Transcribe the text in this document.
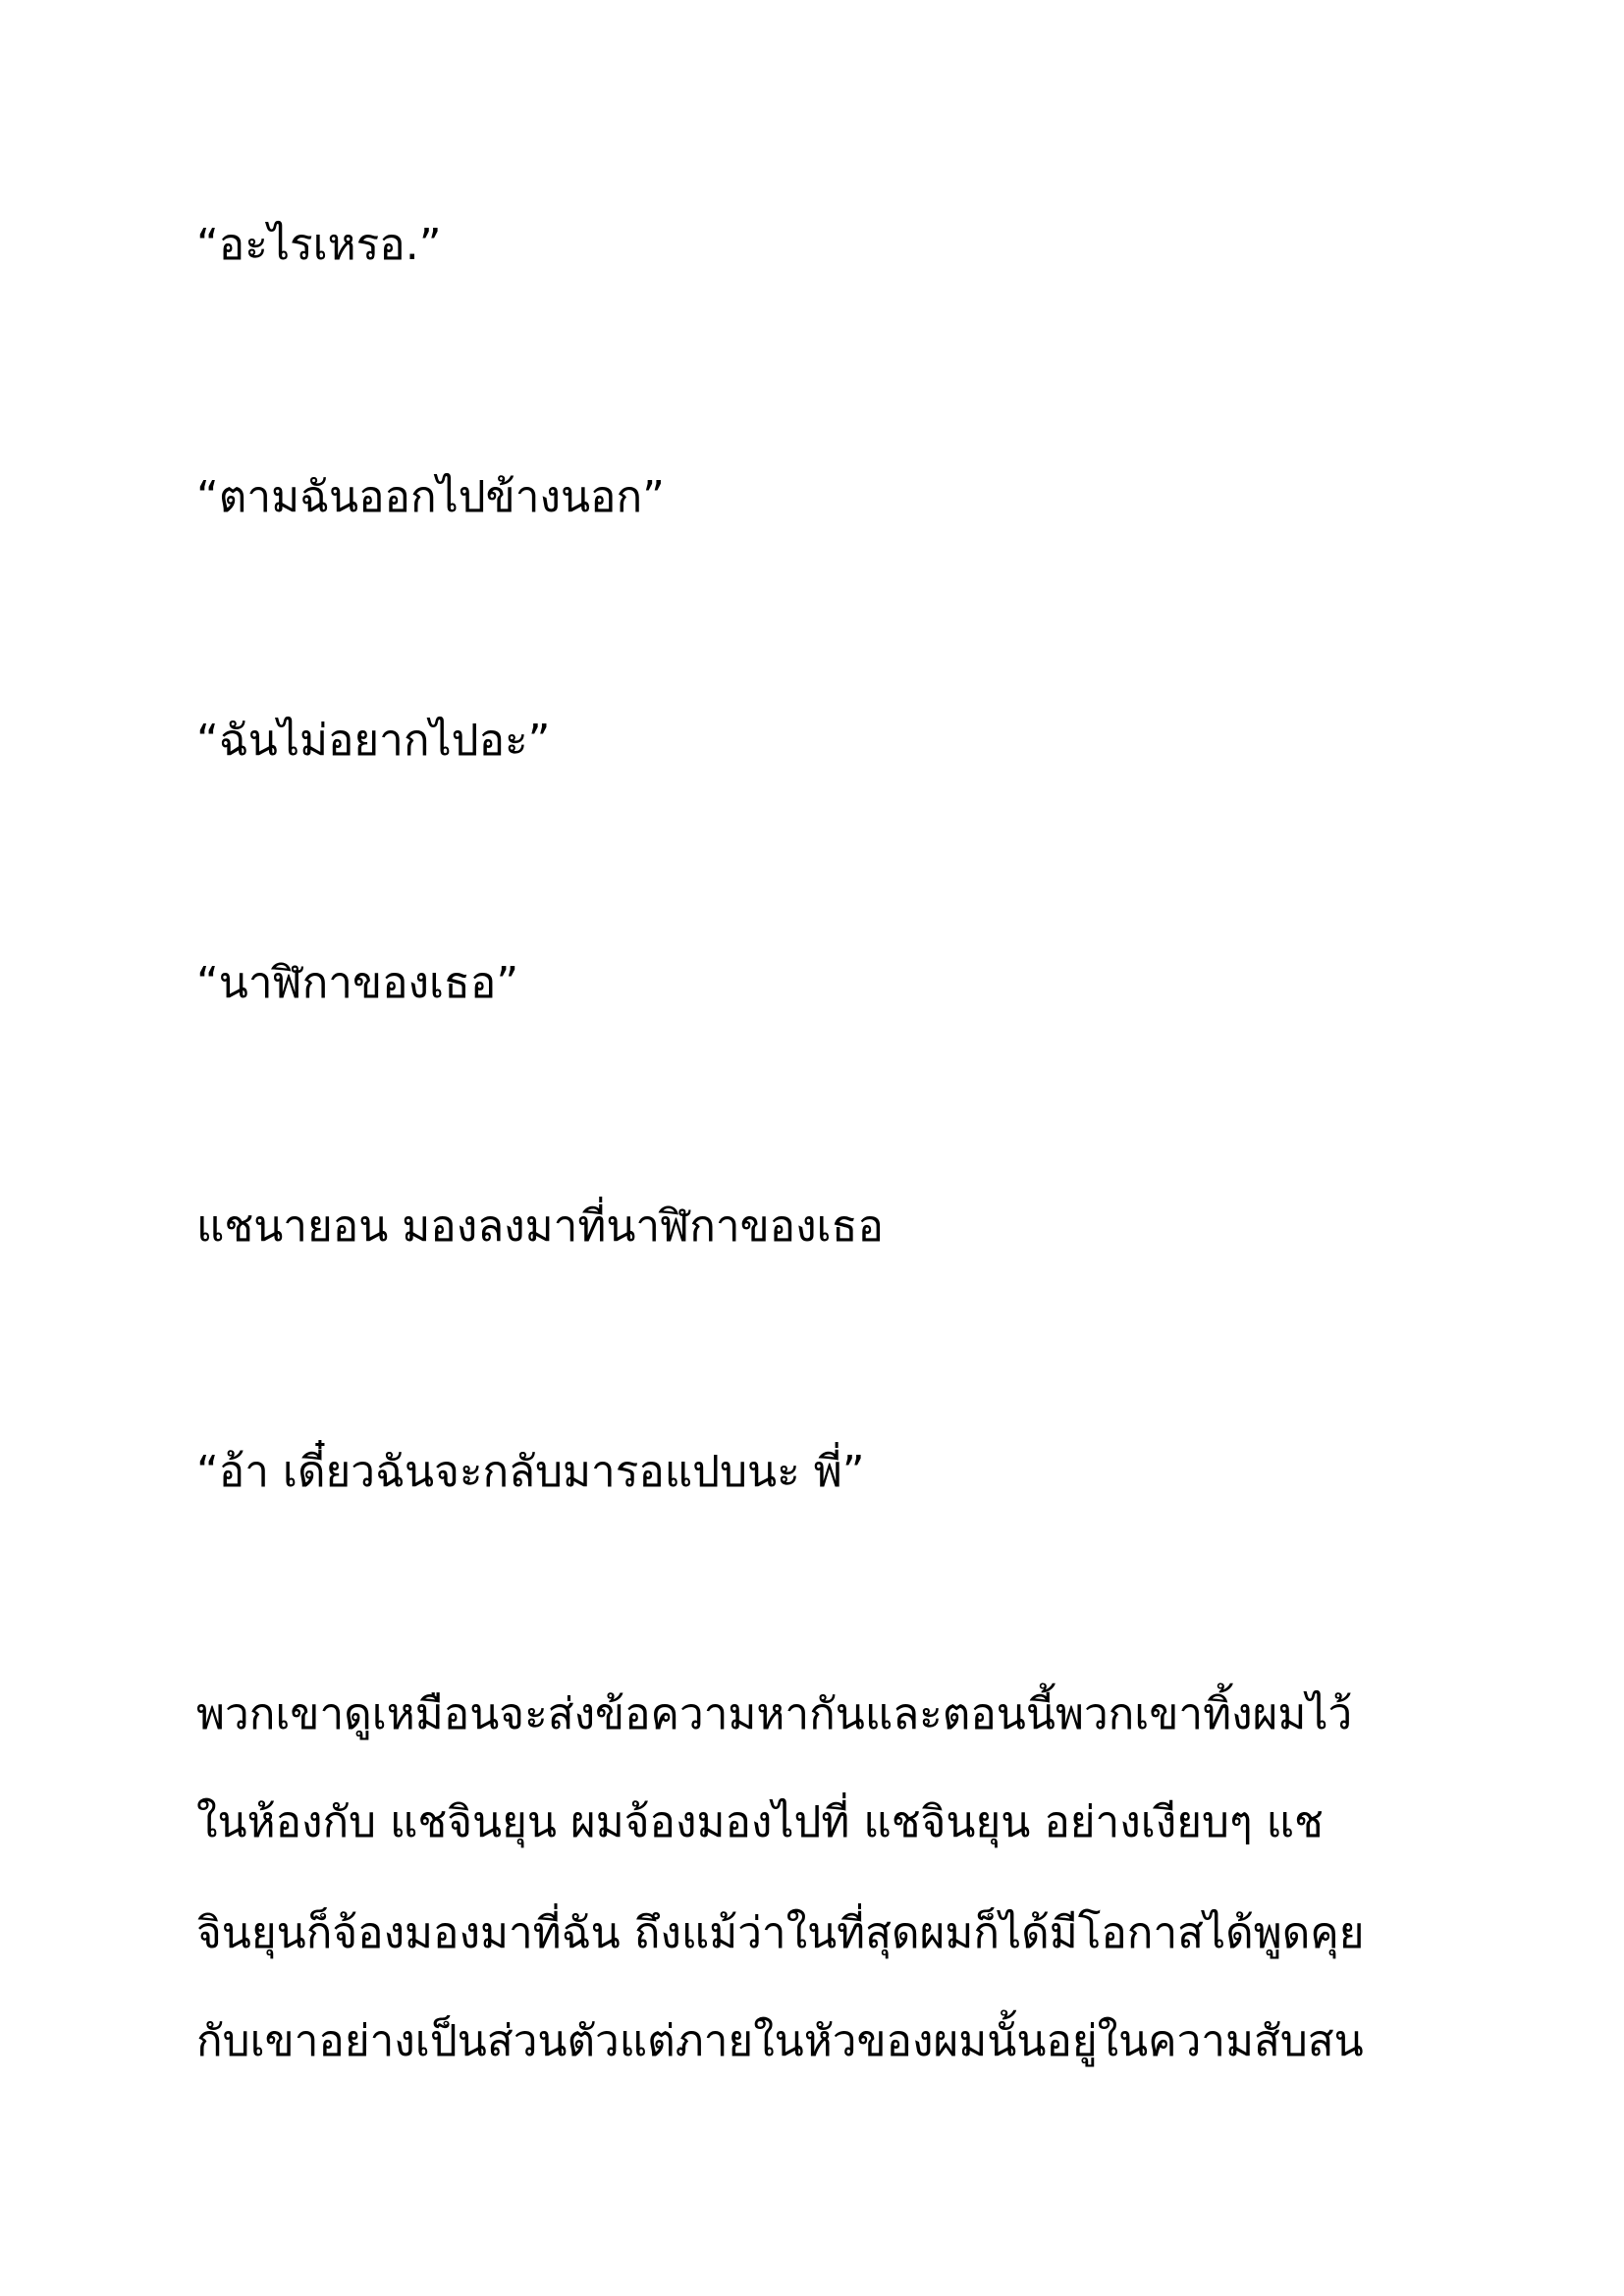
“อะไรเหรอ.”

“ตามฉันออกไปข้างนอก”

“ฉันไม่อยากไปอะ”

“นาฬิกาของเธอ”

แชนายอน มองลงมาที่นาฬิกาของเธอ

“อ้า เดี๋ยวฉันจะกลับมารอแปบนะ พี่”

พวกเขาดูเหมือนจะส่งข้อความหากันและตอนนี้พวกเขาทิ้งผมไว้

ในห้องกับ แชจินยุน ผมจ้องมองไปที่ แชจินยุน อย่างเงียบๆ แช

จินยุนก็จ้องมองมาที่ฉัน ถึงแม้ว่าในที่สุดผมก็ได้มีโอกาสได้พูดคุย

กับเขาอย่างเป็นส่วนตัวแต่ภายในหัวของผมนั้นอยู่ในความสับสน
